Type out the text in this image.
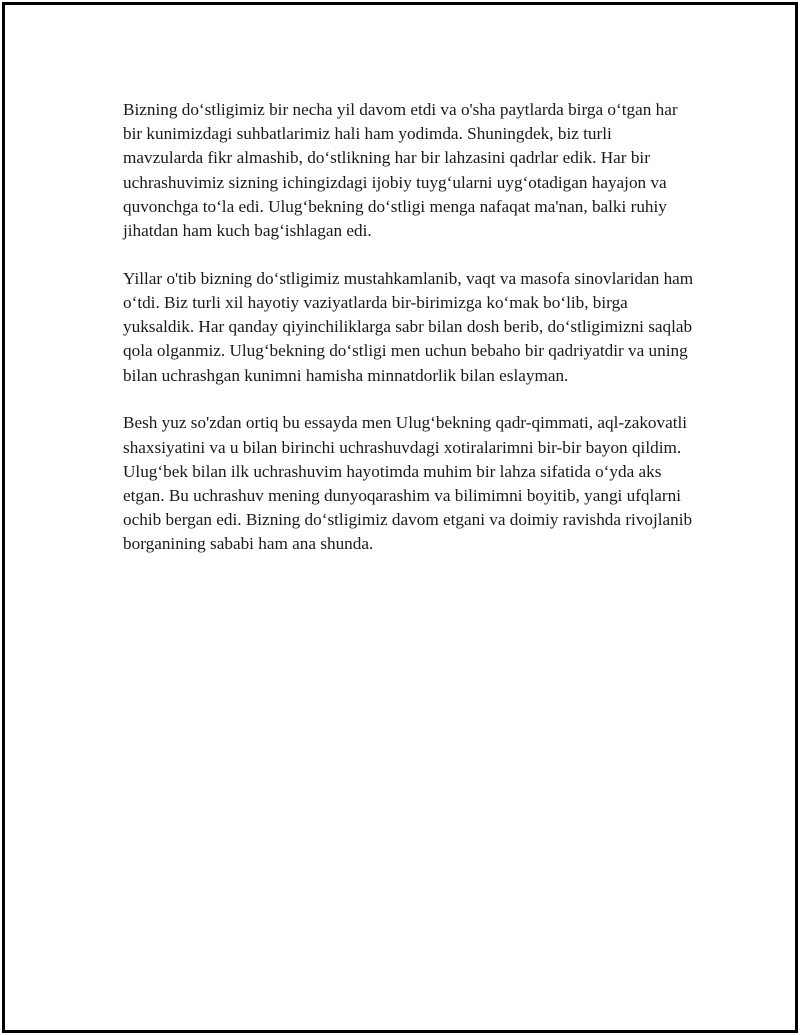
Bizning do‘stligimiz bir necha yil davom etdi va o'sha paytlarda birga o‘tgan har bir kunimizdagi suhbatlarimiz hali ham yodimda. Shuningdek, biz turli mavzularda fikr almashib, do‘stlikning har bir lahzasini qadrlar edik. Har bir uchrashuvimiz sizning ichingizdagi ijobiy tuyg‘ularni uyg‘otadigan hayajon va quvonchga to‘la edi. Ulug‘bekning do‘stligi menga nafaqat ma'nan, balki ruhiy jihatdan ham kuch bag‘ishlagan edi.

Yillar o'tib bizning do‘stligimiz mustahkamlanib, vaqt va masofa sinovlaridan ham o‘tdi. Biz turli xil hayotiy vaziyatlarda bir-birimizga ko‘mak bo‘lib, birga yuksaldik. Har qanday qiyinchiliklarga sabr bilan dosh berib, do‘stligimizni saqlab qola olganmiz. Ulug‘bekning do‘stligi men uchun bebaho bir qadriyatdir va uning bilan uchrashgan kunimni hamisha minnatdorlik bilan eslayman.

Besh yuz so'zdan ortiq bu essayda men Ulug‘bekning qadr-qimmati, aql-zakovatli shaxsiyatini va u bilan birinchi uchrashuvdagi xotiralarimni bir-bir bayon qildim. Ulug‘bek bilan ilk uchrashuvim hayotimda muhim bir lahza sifatida o‘yda aks etgan. Bu uchrashuv mening dunyoqarashim va bilimimni boyitib, yangi ufqlarni ochib bergan edi. Bizning do‘stligimiz davom etgani va doimiy ravishda rivojlanib borganining sababi ham ana shunda.
